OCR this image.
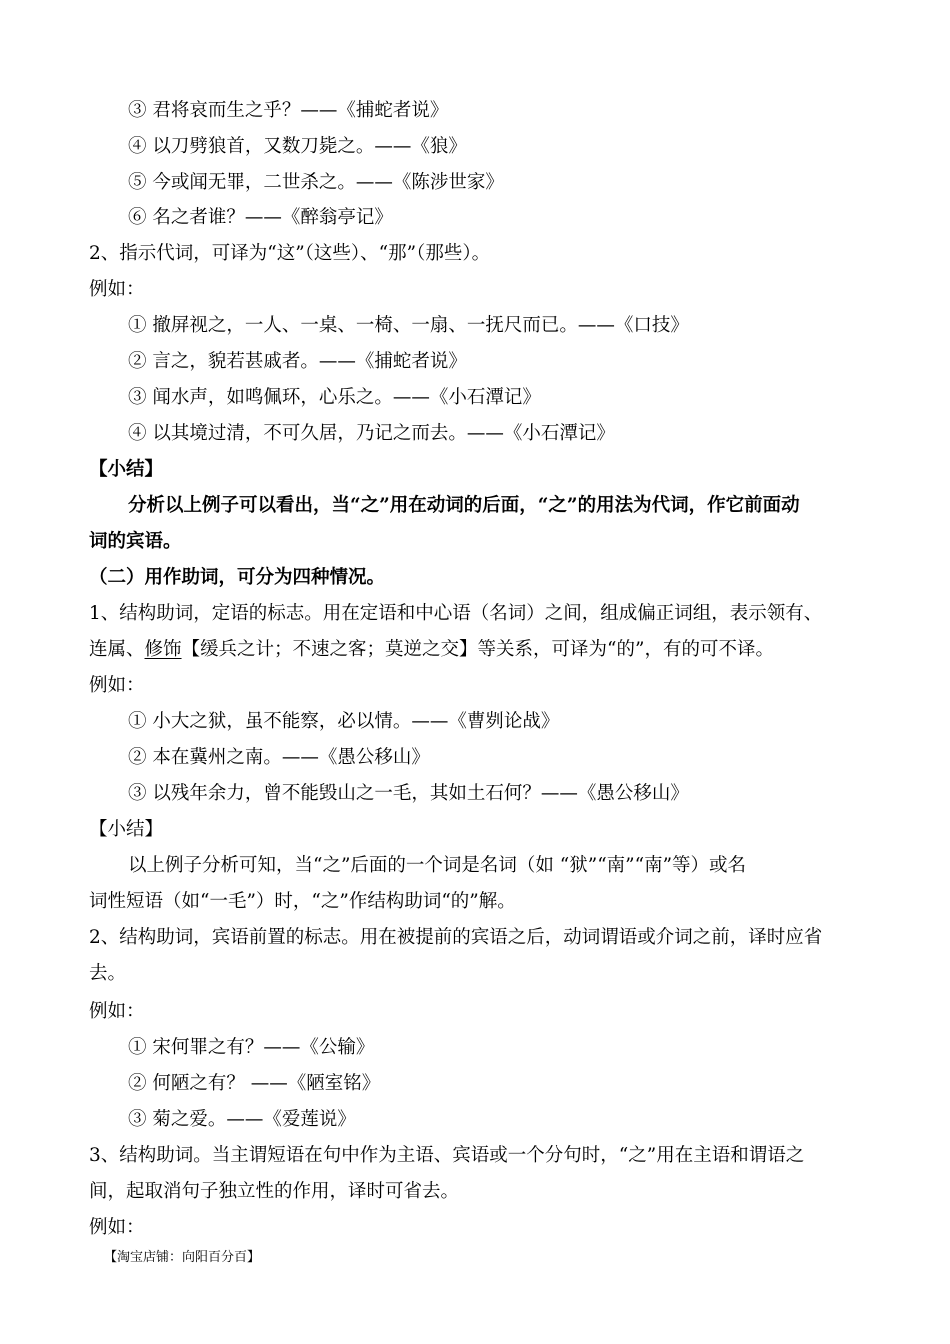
③ 君将哀而生之乎？——《捕蛇者说》
④ 以刀劈狼首，又数刀毙之。——《狼》
⑤ 今或闻无罪，二世杀之。——《陈涉世家》
⑥ 名之者谁？——《醉翁亭记》
2、指示代词，可译为“这”（这些）、“那”（那些）。
例如：
① 撤屏视之，一人、一桌、一椅、一扇、一抚尺而已。——《口技》
② 言之，貌若甚戚者。——《捕蛇者说》
③ 闻水声，如鸣佩环，心乐之。——《小石潭记》
④ 以其境过清，不可久居，乃记之而去。——《小石潭记》
【小结】
分析以上例子可以看出，当“之”用在动词的后面，“之”的用法为代词，作它前面动
词的宾语。
（二）用作助词，可分为四种情况。
1、结构助词，定语的标志。用在定语和中心语（名词）之间，组成偏正词组，表示领有、
连属、修饰【缓兵之计；不速之客；莫逆之交】等关系，可译为“的”，有的可不译。
例如：
① 小大之狱，虽不能察，必以情。——《曹刿论战》
② 本在冀州之南。——《愚公移山》
③ 以残年余力，曾不能毁山之一毛，其如土石何？——《愚公移山》
【小结】
以上例子分析可知，当“之”后面的一个词是名词（如 “狱”“南”“南”等）或名
词性短语（如“一毛”）时，“之”作结构助词“的”解。
2、结构助词，宾语前置的标志。用在被提前的宾语之后，动词谓语或介词之前，译时应省
去。
例如：
① 宋何罪之有？——《公输》
② 何陋之有？ ——《陋室铭》
③ 菊之爱。——《爱莲说》
3、结构助词。当主谓短语在句中作为主语、宾语或一个分句时，“之”用在主语和谓语之
间，起取消句子独立性的作用，译时可省去。
例如：
【淘宝店铺：向阳百分百】
